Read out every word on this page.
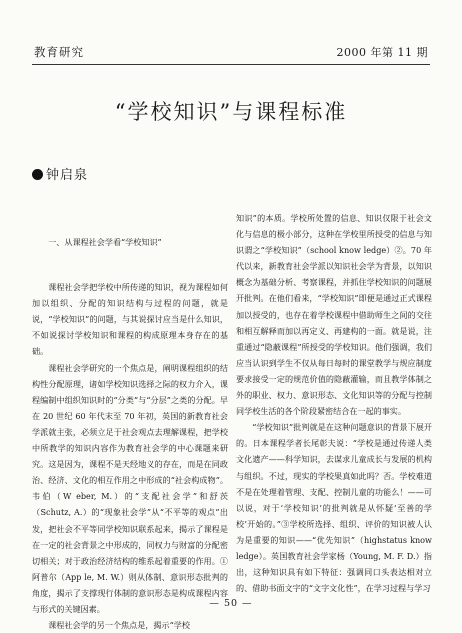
教育研究	2000 年第 11 期
“学校知识”与课程标准
钟启泉

一、从课程社会学看“学校知识”

课程社会学把学校中所传递的知识，视为课程如何加以组织、分配的知识结构与过程的问题，就是说，“学校知识”的问题，与其说探讨应当是什么知识，不如说探讨学校知识和课程的构成原理本身存在的基础。

课程社会学研究的一个焦点是，阐明课程组织的结构性分配原理，诸如学校知识选择之际的权力介入，课程编制中组织知识时的“分类”与“分层”之类的分配。早在 20 世纪 60 年代末至 70 年初，英国的新教育社会学派就主张，必须立足于社会观点去理解课程，把学校中所教学的知识内容作为教育社会学的中心课题来研究。这是因为，课程不是天经地义的存在，而是在同政治、经济、文化的相互作用之中形成的“社会构成物”。韦伯（W eber, M.）的“支配社会学”和舒茨（Schutz, A.）的“现象社会学”从“不平等的观点”出发，把社会不平等同学校知识联系起来，揭示了课程是在一定的社会背景之中形成的，同权力与财富的分配密切相关；对于政治经济结构的维系起着重要的作用。①阿普尔（App le, M. W.）则从体制、意识形态批判的角度，揭示了支撑现行体制的意识形态是构成课程内容与形式的关键因素。

课程社会学的另一个焦点是，揭示“学校

知识”的本质。学校所处置的信息、知识仅限于社会文化与信息的极小部分，这种在学校里所授受的信息与知识谓之“学校知识”（school know ledge）②。70 年代以来，新教育社会学派以知识社会学为背景，以知识概念为基础分析、考察课程，并抓住学校知识的问题展开批判。在他们看来，“学校知识”即便是通过正式课程加以授受的，也存在着学校课程中借助师生之间的交往和相互解释而加以再定义、再建构的一面。就是说，注重通过“隐蔽课程”所授受的学校知识。他们强调，我们应当认识到学生不仅从每日每时的课堂教学与规应制度要求接受一定的规范价值的隐蔽灌输，而且教学体制之外的职业、权力、意识形态、文化知识等的分配与控制同学校生活的各个阶段紧密结合在一起的事实。

“学校知识”批判就是在这种问题意识的背景下展开的。日本课程学者长尾彰夫说：“学校是通过传递人类文化遗产——科学知识，去谋求儿童成长与发展的机构与组织。不过，现实的学校果真如此吗？否。学校难道不是在处理着管理、支配、控制儿童的功能么！——可以说，对于‘学校知识’的批判就是从怀疑‘至善的学校’开始的。”③学校所选择、组织、评价的知识被人认为是重要的知识——“优先知识”（highstatus know ledge）。英国教育社会学家杨（Young, M. F. D.）指出，这种知识具有如下特征：强调同口头表达相对立的、借助书面文字的“文字文化性”，在学习过程与学习

— 50 —
